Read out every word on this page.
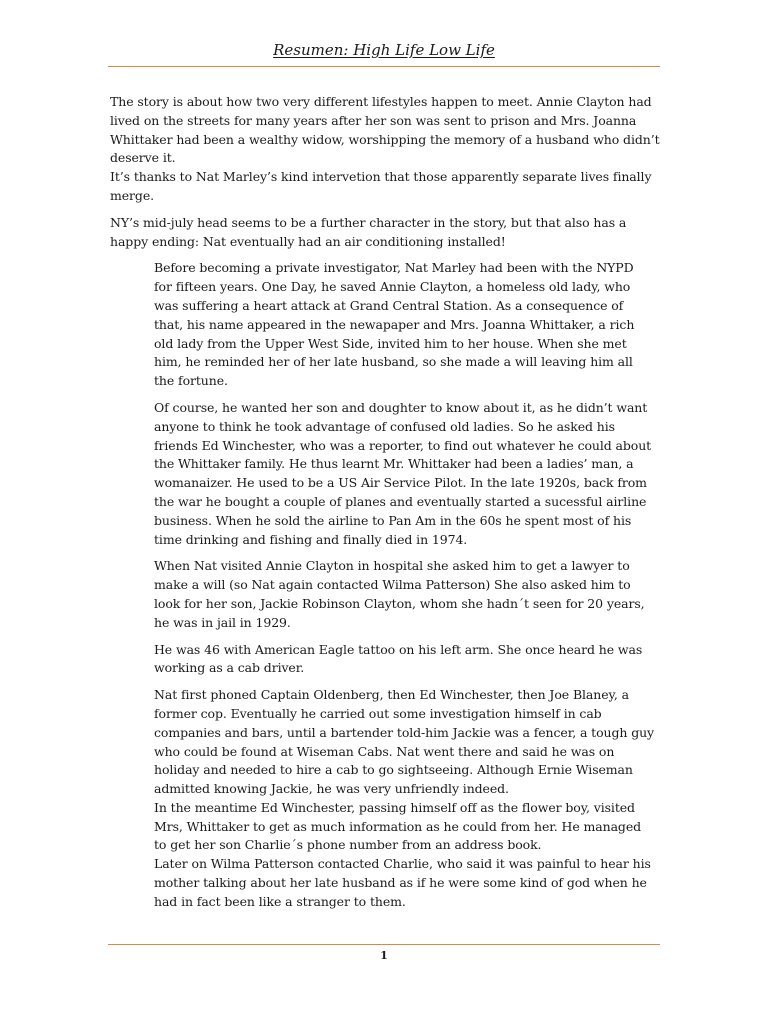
Resumen: High Life Low Life

The story is about how two very different lifestyles happen to meet. Annie Clayton had lived on the streets for many years after her son was sent to prison and Mrs. Joanna Whittaker had been a wealthy widow, worshipping the memory of a husband who didn’t deserve it.
It’s thanks to Nat Marley’s kind intervetion that those apparently separate lives finally merge.

NY’s mid-july head seems to be a further character in the story, but that also has a happy ending: Nat eventually had an air conditioning installed!

Before becoming a private investigator, Nat Marley had been with the NYPD for fifteen years. One Day, he saved Annie Clayton, a homeless old lady, who was suffering a heart attack at Grand Central Station. As a consequence of that, his name appeared in the newapaper and Mrs. Joanna Whittaker, a rich old lady from the Upper West Side, invited him to her house. When she met him, he reminded her of her late husband, so she made a will leaving him all the fortune.

Of course, he wanted her son and doughter to know about it, as he didn’t want anyone to think he took advantage of confused old ladies. So he asked his friends Ed Winchester, who was a reporter, to find out whatever he could about the Whittaker family. He thus learnt Mr. Whittaker had been a ladies’ man, a womanaizer. He used to be a US Air Service Pilot. In the late 1920s, back from the war he bought a couple of planes and eventually started a sucessful airline business. When he sold the airline to Pan Am in the 60s he spent most of his time drinking and fishing and finally died in 1974.

When Nat visited Annie Clayton in hospital she asked him to get a lawyer to make a will (so Nat again contacted Wilma Patterson) She also asked him to look for her son, Jackie Robinson Clayton, whom she hadn´t seen for 20 years, he was in jail in 1929.

He was 46 with American Eagle tattoo on his left arm. She once heard he was working as a cab driver.

Nat first phoned Captain Oldenberg, then Ed Winchester, then Joe Blaney, a former cop. Eventually he carried out some investigation himself in cab companies and bars, until a bartender told-him Jackie was a fencer, a tough guy who could be found at Wiseman Cabs. Nat went there and said he was on holiday and needed to hire a cab to go sightseeing. Although Ernie Wiseman admitted knowing Jackie, he was very unfriendly indeed.
In the meantime Ed Winchester, passing himself off as the flower boy, visited Mrs, Whittaker to get as much information as he could from her. He managed to get her son Charlie´s phone number from an address book.
Later on Wilma Patterson contacted Charlie, who said it was painful to hear his mother talking about her late husband as if he were some kind of god when he had in fact been like a stranger to them.

1
